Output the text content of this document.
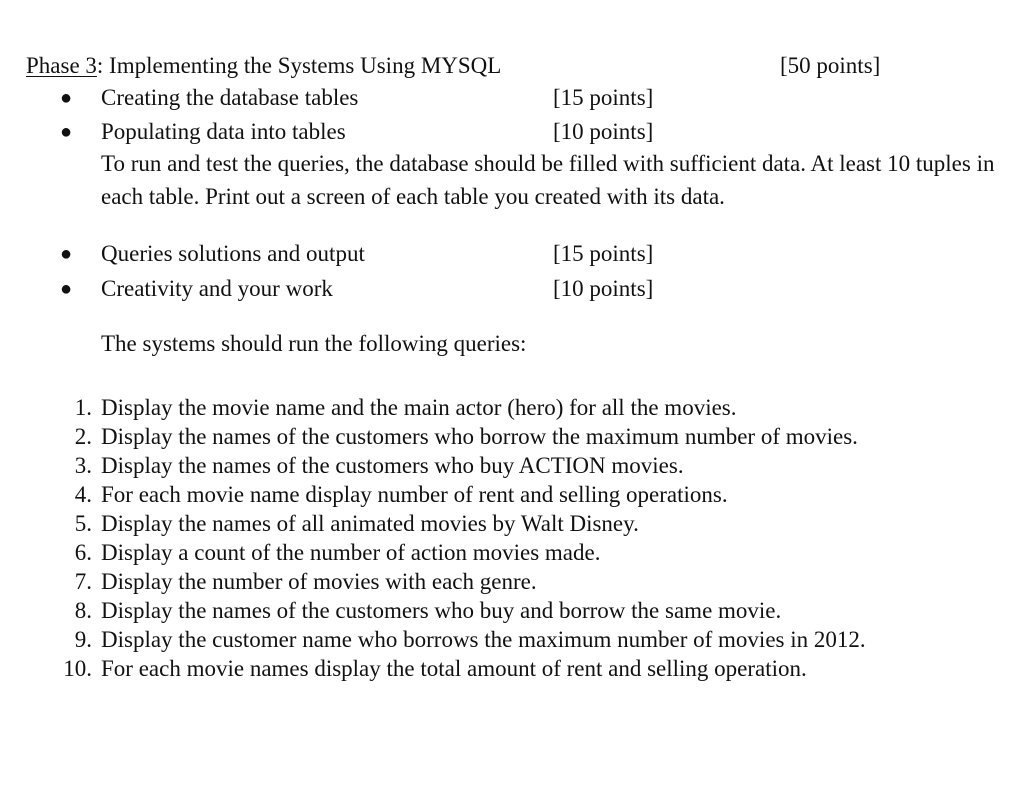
Phase 3: Implementing the Systems Using MYSQL	[50 points]
● Creating the database tables	[15 points]
● Populating data into tables	[10 points]
To run and test the queries, the database should be filled with sufficient data. At least 10 tuples in each table. Print out a screen of each table you created with its data.
● Queries solutions and output	[15 points]
● Creativity and your work	[10 points]
The systems should run the following queries:
1. Display the movie name and the main actor (hero) for all the movies.
2. Display the names of the customers who borrow the maximum number of movies.
3. Display the names of the customers who buy ACTION movies.
4. For each movie name display number of rent and selling operations.
5. Display the names of all animated movies by Walt Disney.
6. Display a count of the number of action movies made.
7. Display the number of movies with each genre.
8. Display the names of the customers who buy and borrow the same movie.
9. Display the customer name who borrows the maximum number of movies in 2012.
10. For each movie names display the total amount of rent and selling operation.
